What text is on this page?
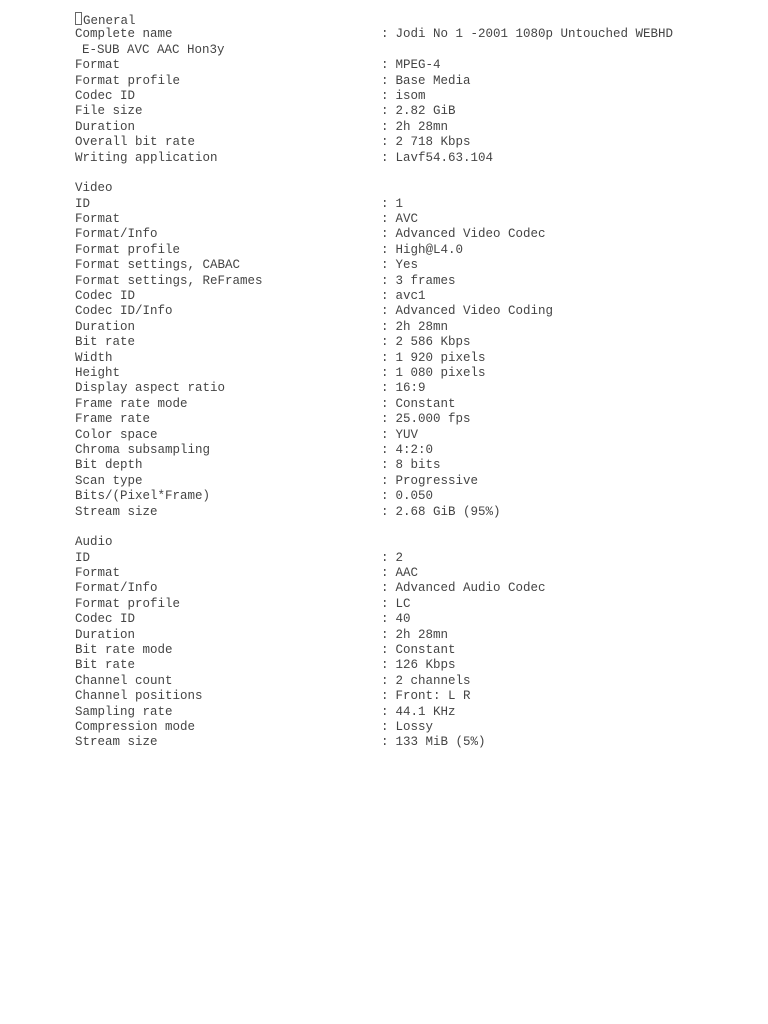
General

Complete name

	: Jodi No 1 -2001 1080p Untouched WEBHD

E-SUB AVC AAC Hon3y
Format	: MPEG-4
Format profile	: Base Media
Codec ID	: isom
File size	: 2.82 GiB
Duration	: 2h 28mn
Overall bit rate	: 2 718 Kbps
Writing application	: Lavf54.63.104
Video
ID	: 1
Format	: AVC
Format/Info	: Advanced Video Codec
Format profile	: High@L4.0
Format settings, CABAC	: Yes
Format settings, ReFrames	: 3 frames
Codec ID	: avc1
Codec ID/Info	: Advanced Video Coding
Duration	: 2h 28mn
Bit rate	: 2 586 Kbps
Width	: 1 920 pixels
Height	: 1 080 pixels
Display aspect ratio	: 16:9
Frame rate mode	: Constant
Frame rate	: 25.000 fps
Color space	: YUV
Chroma subsampling	: 4:2:0
Bit depth	: 8 bits
Scan type	: Progressive
Bits/(Pixel*Frame)	: 0.050
Stream size	: 2.68 GiB (95%)
Audio
ID	: 2
Format	: AAC
Format/Info	: Advanced Audio Codec
Format profile	: LC
Codec ID	: 40
Duration	: 2h 28mn
Bit rate mode	: Constant
Bit rate	: 126 Kbps
Channel count	: 2 channels
Channel positions	: Front: L R
Sampling rate	: 44.1 KHz
Compression mode	: Lossy
Stream size	: 133 MiB (5%)
